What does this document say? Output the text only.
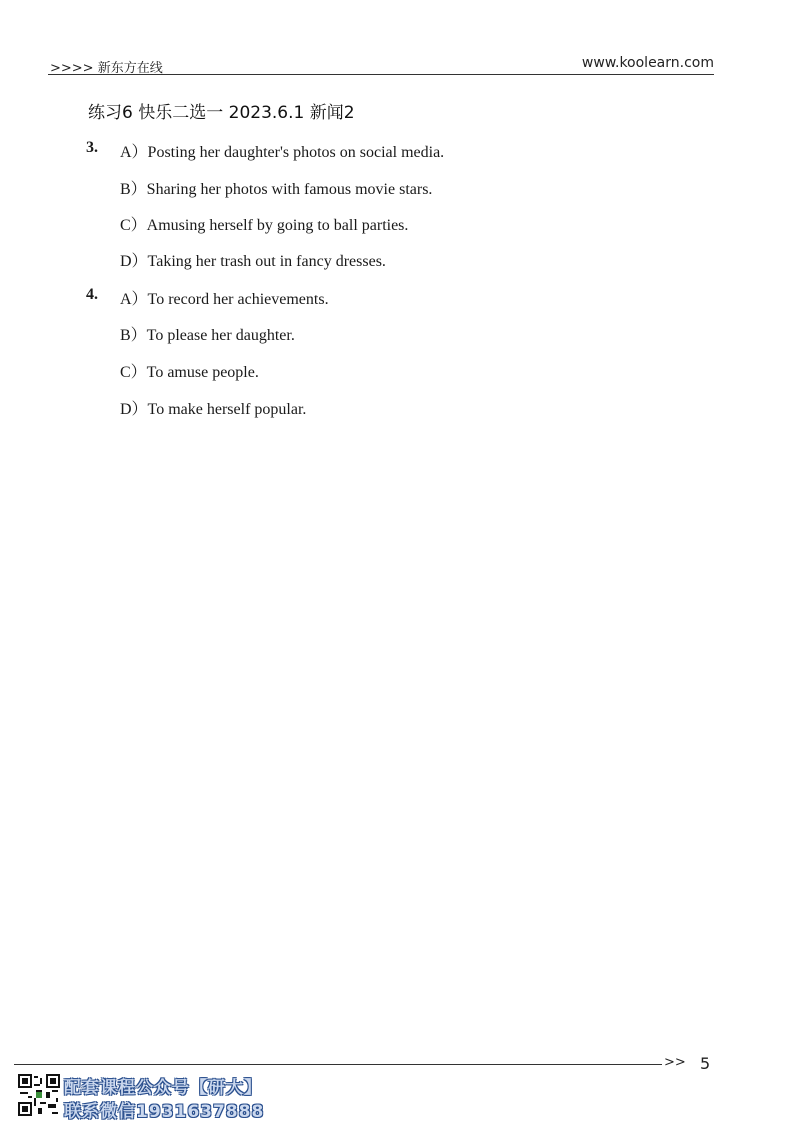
>>>> 新东方在线	www.koolearn.com
练习6 快乐二选一 2023.6.1 新闻2
3. A）Posting her daughter's photos on social media.
B）Sharing her photos with famous movie stars.
C）Amusing herself by going to ball parties.
D）Taking her trash out in fancy dresses.
4. A）To record her achievements.
B）To please her daughter.
C）To amuse people.
D）To make herself popular.
>> 5
配套课程公众号【研大】
联系微信1931637888
